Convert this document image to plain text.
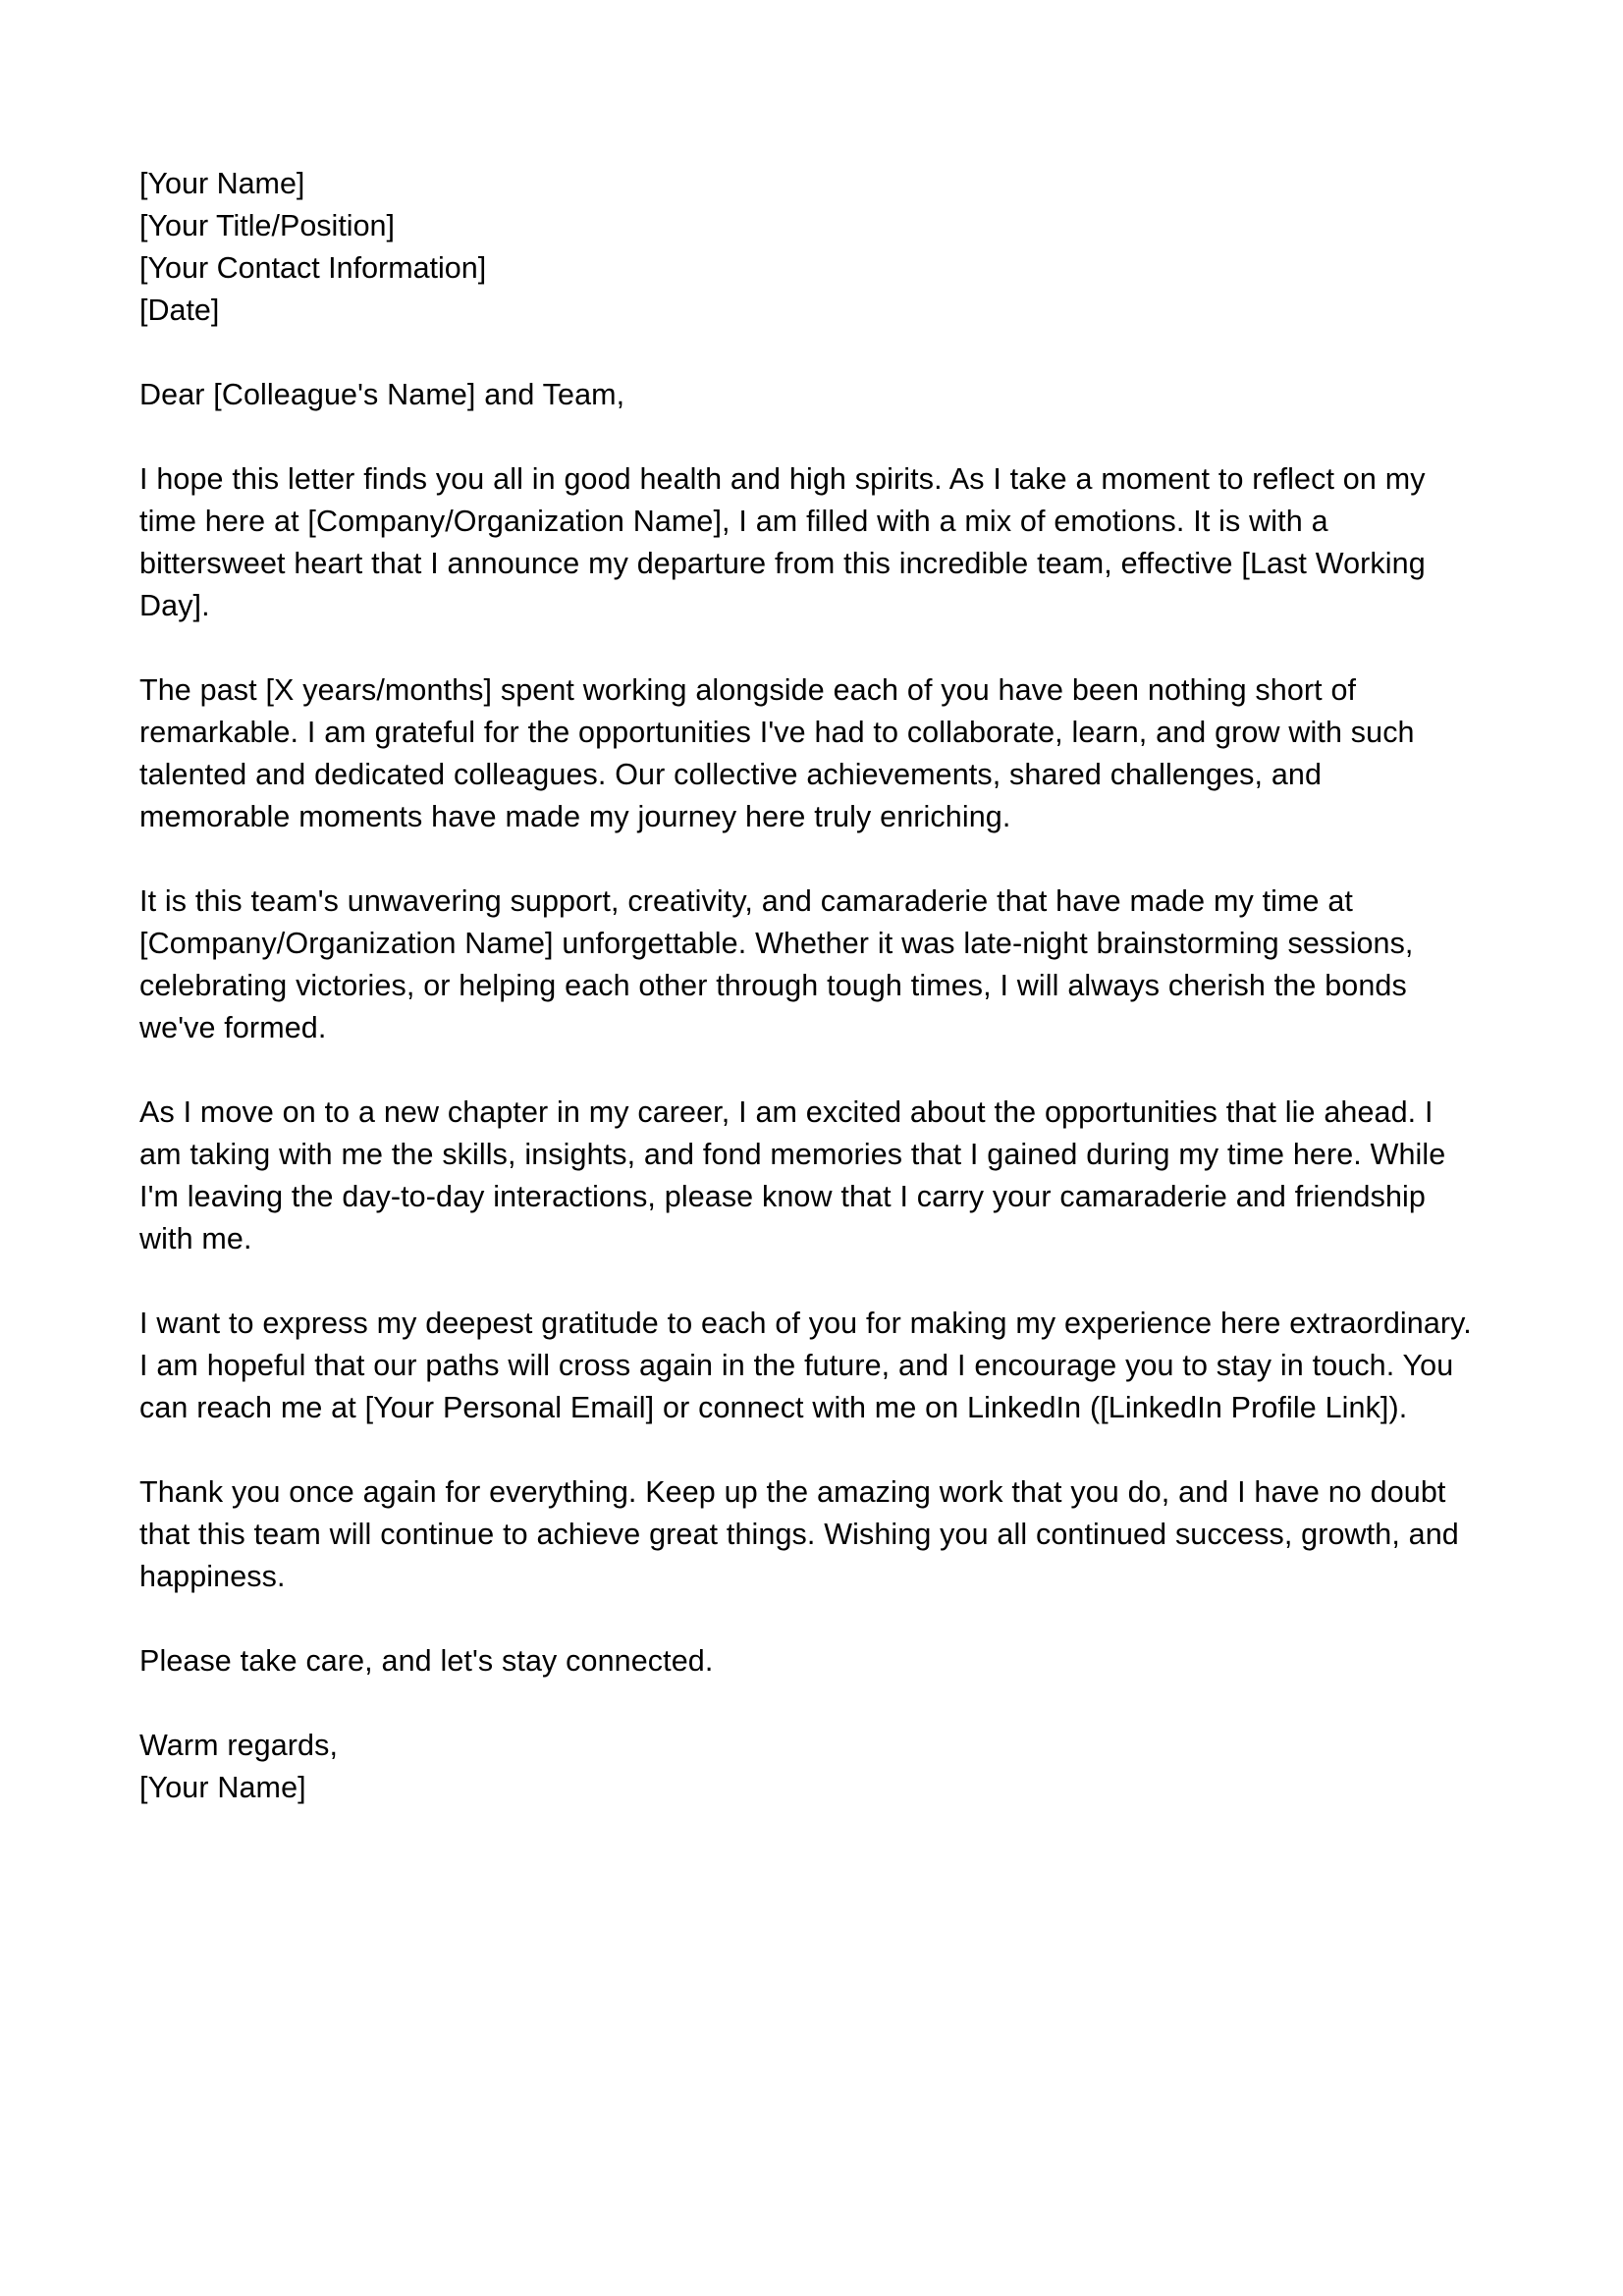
[Your Name]
[Your Title/Position]
[Your Contact Information]
[Date]

Dear [Colleague's Name] and Team,

I hope this letter finds you all in good health and high spirits. As I take a moment to reflect on my time here at [Company/Organization Name], I am filled with a mix of emotions. It is with a bittersweet heart that I announce my departure from this incredible team, effective [Last Working Day].

The past [X years/months] spent working alongside each of you have been nothing short of remarkable. I am grateful for the opportunities I've had to collaborate, learn, and grow with such talented and dedicated colleagues. Our collective achievements, shared challenges, and memorable moments have made my journey here truly enriching.

It is this team's unwavering support, creativity, and camaraderie that have made my time at [Company/Organization Name] unforgettable. Whether it was late-night brainstorming sessions, celebrating victories, or helping each other through tough times, I will always cherish the bonds we've formed.

As I move on to a new chapter in my career, I am excited about the opportunities that lie ahead. I am taking with me the skills, insights, and fond memories that I gained during my time here. While I'm leaving the day-to-day interactions, please know that I carry your camaraderie and friendship with me.

I want to express my deepest gratitude to each of you for making my experience here extraordinary. I am hopeful that our paths will cross again in the future, and I encourage you to stay in touch. You can reach me at [Your Personal Email] or connect with me on LinkedIn ([LinkedIn Profile Link]).

Thank you once again for everything. Keep up the amazing work that you do, and I have no doubt that this team will continue to achieve great things. Wishing you all continued success, growth, and happiness.

Please take care, and let's stay connected.

Warm regards,
[Your Name]
